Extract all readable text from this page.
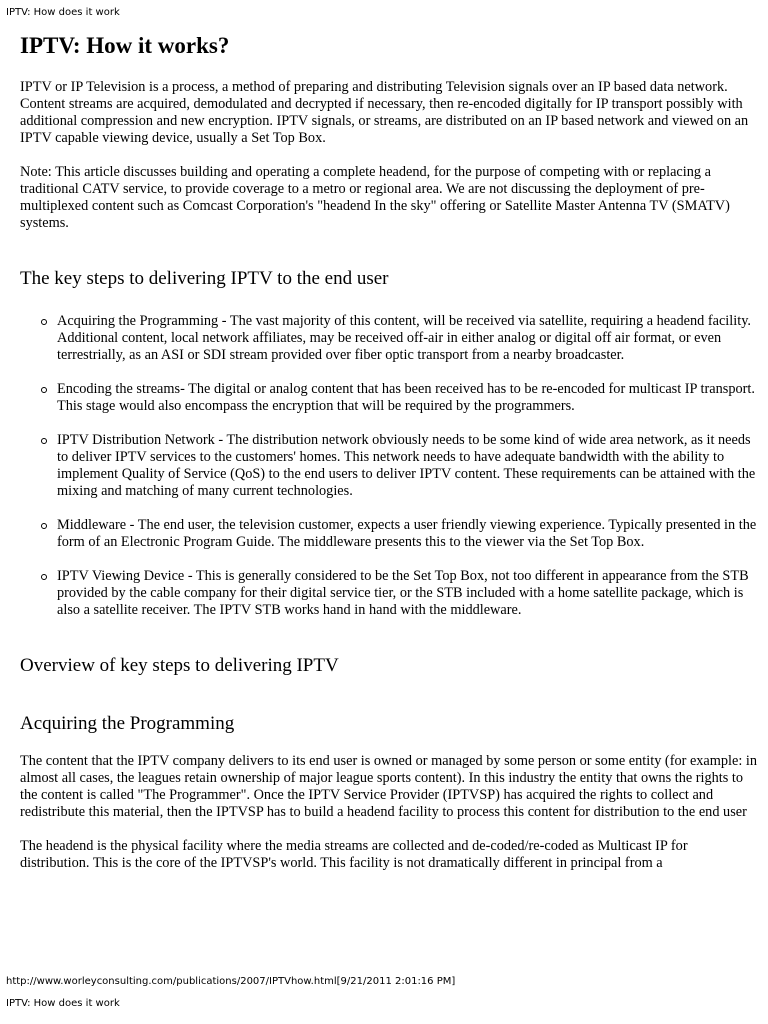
IPTV: How does it work
IPTV: How it works?

IPTV or IP Television is a process, a method of preparing and distributing Television signals over an IP based data network. Content streams are acquired, demodulated and decrypted if necessary, then re-encoded digitally for IP transport possibly with additional compression and new encryption. IPTV signals, or streams, are distributed on an IP based network and viewed on an IPTV capable viewing device, usually a Set Top Box.

Note: This article discusses building and operating a complete headend, for the purpose of competing with or replacing a traditional CATV service, to provide coverage to a metro or regional area. We are not discussing the deployment of pre-multiplexed content such as Comcast Corporation's "headend In the sky" offering or Satellite Master Antenna TV (SMATV) systems.

The key steps to delivering IPTV to the end user
Acquiring the Programming - The vast majority of this content, will be received via satellite, requiring a headend facility. Additional content, local network affiliates, may be received off-air in either analog or digital off air format, or even terrestrially, as an ASI or SDI stream provided over fiber optic transport from a nearby broadcaster.
Encoding the streams- The digital or analog content that has been received has to be re-encoded for multicast IP transport. This stage would also encompass the encryption that will be required by the programmers.
IPTV Distribution Network - The distribution network obviously needs to be some kind of wide area network, as it needs to deliver IPTV services to the customers' homes. This network needs to have adequate bandwidth with the ability to implement Quality of Service (QoS) to the end users to deliver IPTV content. These requirements can be attained with the mixing and matching of many current technologies.
Middleware - The end user, the television customer, expects a user friendly viewing experience. Typically presented in the form of an Electronic Program Guide. The middleware presents this to the viewer via the Set Top Box.
IPTV Viewing Device - This is generally considered to be the Set Top Box, not too different in appearance from the STB provided by the cable company for their digital service tier, or the STB included with a home satellite package, which is also a satellite receiver. The IPTV STB works hand in hand with the middleware.
Overview of key steps to delivering IPTV
Acquiring the Programming

The content that the IPTV company delivers to its end user is owned or managed by some person or some entity (for example: in almost all cases, the leagues retain ownership of major league sports content). In this industry the entity that owns the rights to the content is called "The Programmer". Once the IPTV Service Provider (IPTVSP) has acquired the rights to collect and redistribute this material, then the IPTVSP has to build a headend facility to process this content for distribution to the end user

The headend is the physical facility where the media streams are collected and de-coded/re-coded as Multicast IP for distribution. This is the core of the IPTVSP's world. This facility is not dramatically different in principal from a

http://www.worleyconsulting.com/publications/2007/IPTVhow.html[9/21/2011 2:01:16 PM]
IPTV: How does it work
